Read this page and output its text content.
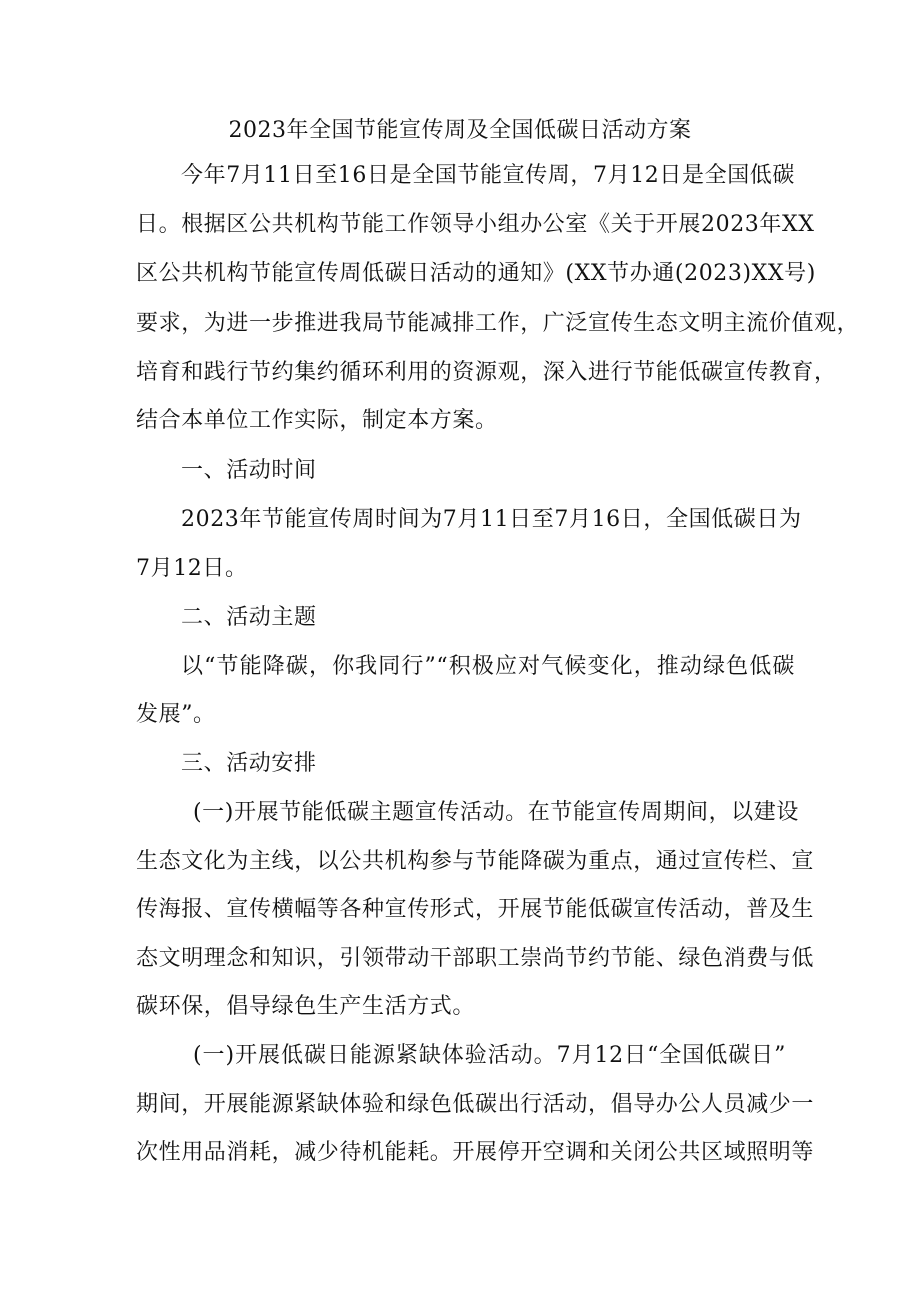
2023年全国节能宣传周及全国低碳日活动方案
今年7月11日至16日是全国节能宣传周，7月12日是全国低碳
日。根据区公共机构节能工作领导小组办公室《关于开展2023年XX
区公共机构节能宣传周低碳日活动的通知》(XX节办通(2023)XX号)
要求，为进一步推进我局节能减排工作，广泛宣传生态文明主流价值观，
培育和践行节约集约循环利用的资源观，深入进行节能低碳宣传教育，
结合本单位工作实际，制定本方案。
一、活动时间
2023年节能宣传周时间为7月11日至7月16日，全国低碳日为
7月12日。
二、活动主题
以“节能降碳，你我同行”“积极应对气候变化，推动绿色低碳
发展”。
三、活动安排
(一)开展节能低碳主题宣传活动。在节能宣传周期间，以建设
生态文化为主线，以公共机构参与节能降碳为重点，通过宣传栏、宣
传海报、宣传横幅等各种宣传形式，开展节能低碳宣传活动，普及生
态文明理念和知识，引领带动干部职工崇尚节约节能、绿色消费与低
碳环保，倡导绿色生产生活方式。
(一)开展低碳日能源紧缺体验活动。7月12日“全国低碳日”
期间，开展能源紧缺体验和绿色低碳出行活动，倡导办公人员减少一
次性用品消耗，减少待机能耗。开展停开空调和关闭公共区域照明等
